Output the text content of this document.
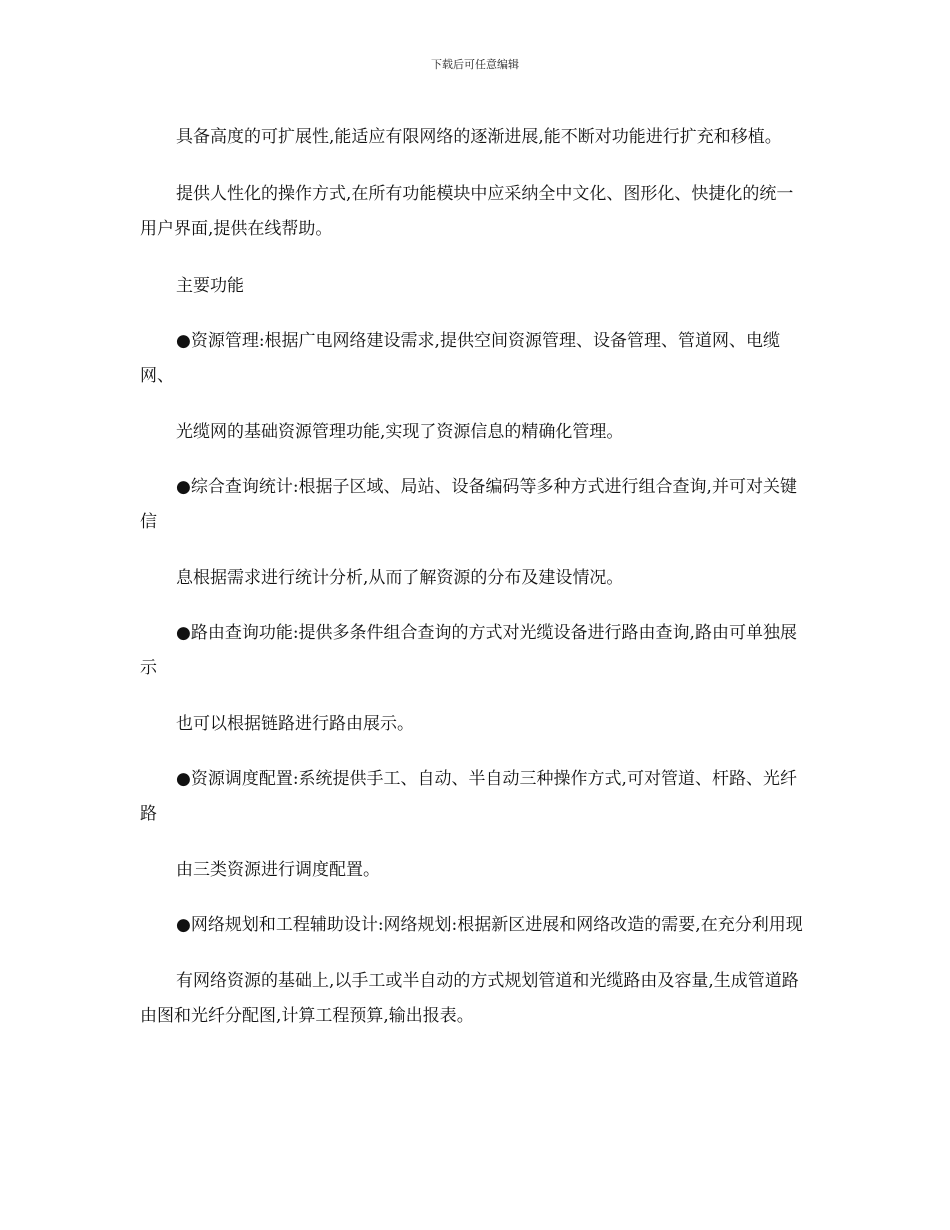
下载后可任意编辑

具备高度的可扩展性,能适应有限网络的逐渐进展,能不断对功能进行扩充和移植。

提供人性化的操作方式,在所有功能模块中应采纳全中文化、图形化、快捷化的统一用户界面,提供在线帮助。

主要功能

●资源管理:根据广电网络建设需求,提供空间资源管理、设备管理、管道网、电缆网、

光缆网的基础资源管理功能,实现了资源信息的精确化管理。

●综合查询统计:根据子区域、局站、设备编码等多种方式进行组合查询,并可对关键信

息根据需求进行统计分析,从而了解资源的分布及建设情况。

●路由查询功能:提供多条件组合查询的方式对光缆设备进行路由查询,路由可单独展示

也可以根据链路进行路由展示。

●资源调度配置:系统提供手工、自动、半自动三种操作方式,可对管道、杆路、光纤路

由三类资源进行调度配置。

●网络规划和工程辅助设计:网络规划:根据新区进展和网络改造的需要,在充分利用现

有网络资源的基础上,以手工或半自动的方式规划管道和光缆路由及容量,生成管道路由图和光纤分配图,计算工程预算,输出报表。
